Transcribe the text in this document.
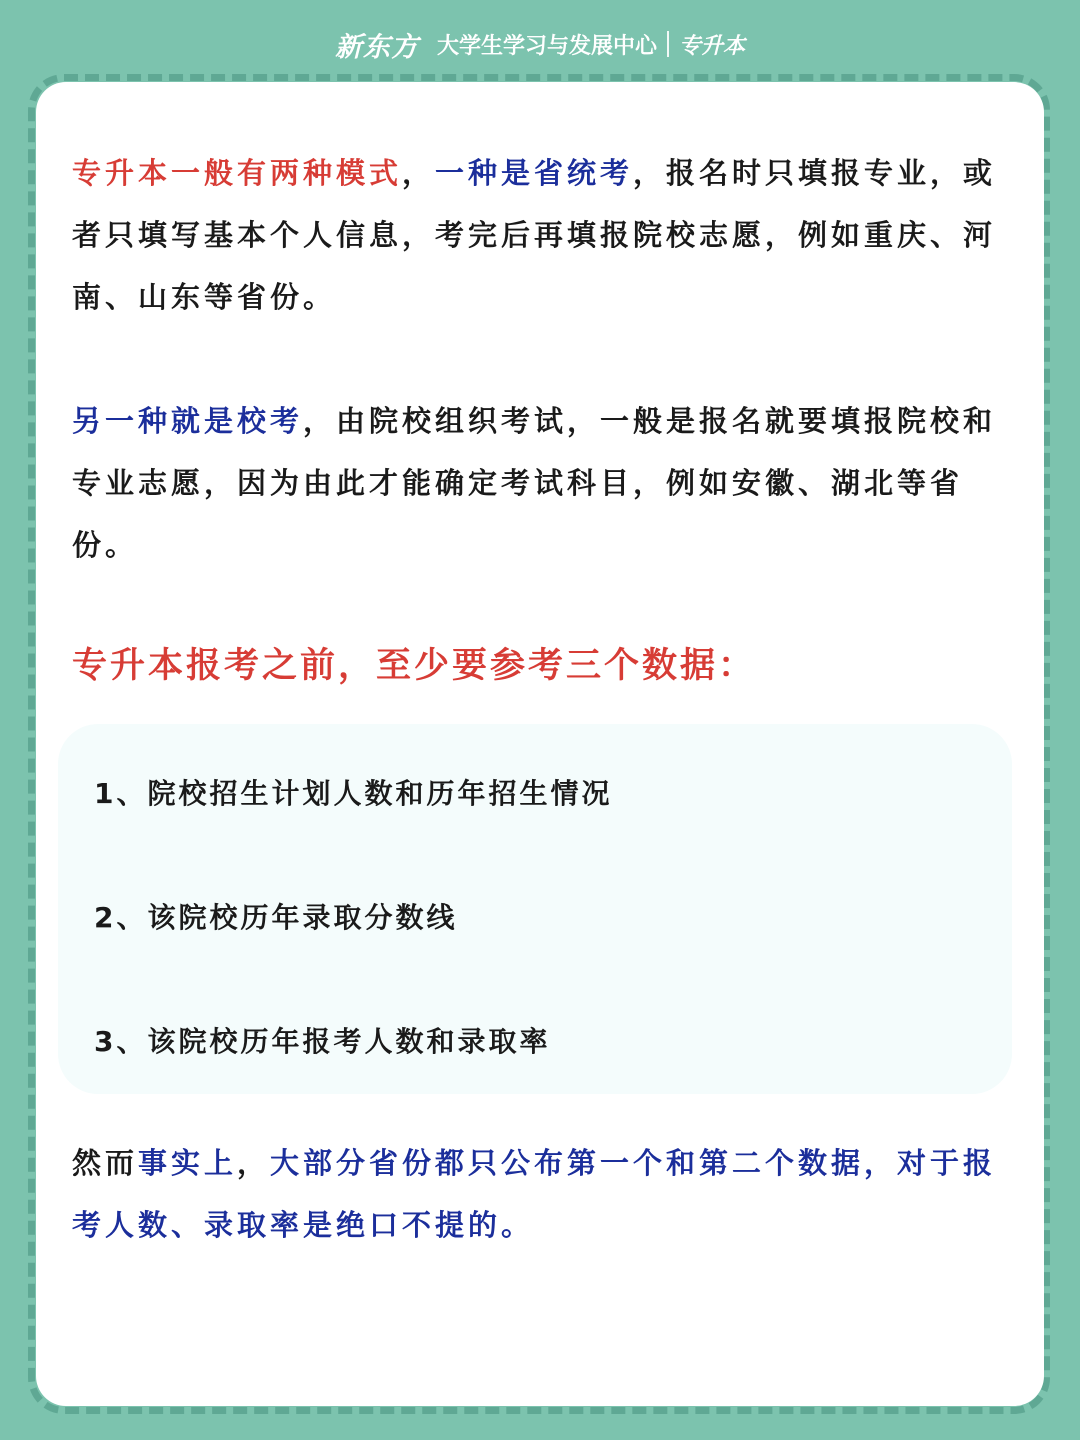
新东方 大学生学习与发展中心 专升本

专升本一般有两种模式，一种是省统考，报名时只填报专业，或者只填写基本个人信息，考完后再填报院校志愿，例如重庆、河南、山东等省份。

另一种就是校考，由院校组织考试，一般是报名就要填报院校和专业志愿，因为由此才能确定考试科目，例如安徽、湖北等省份。

专升本报考之前，至少要参考三个数据：

1、院校招生计划人数和历年招生情况

2、该院校历年录取分数线

3、该院校历年报考人数和录取率

然而事实上，大部分省份都只公布第一个和第二个数据，对于报考人数、录取率是绝口不提的。
